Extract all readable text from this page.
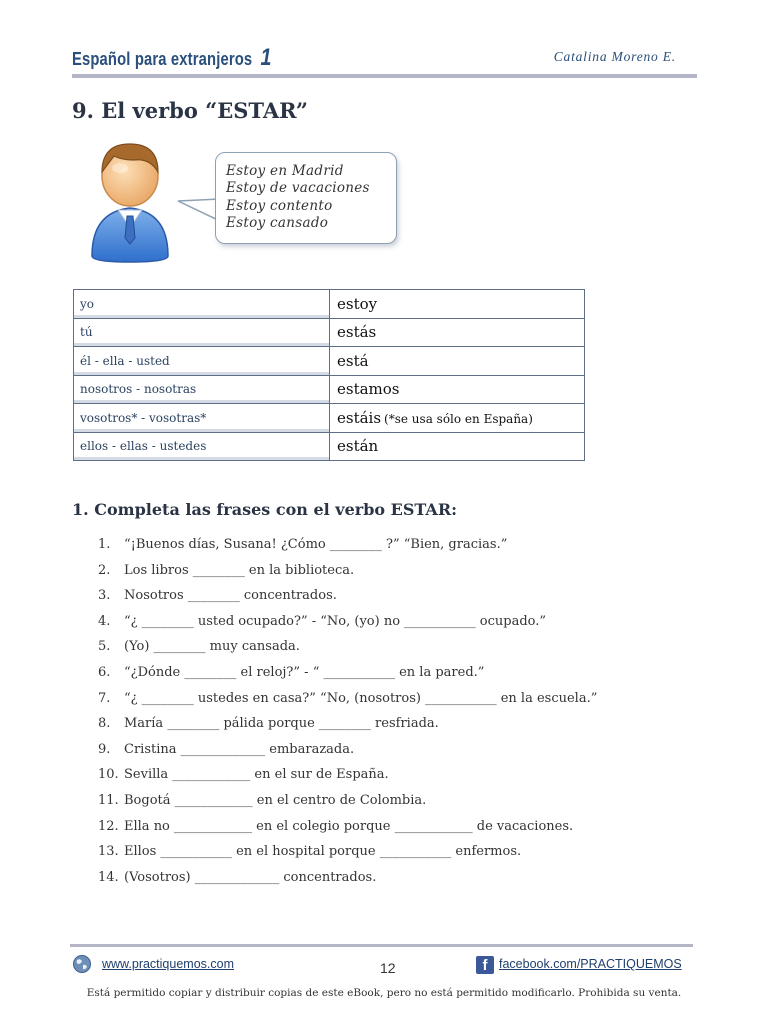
Español para extranjeros 1	Catalina Moreno E.
9. El verbo “ESTAR”
Estoy en Madrid
Estoy de vacaciones
Estoy contento
Estoy cansado
yo	estoy
tú	estás
él - ella - usted	está
nosotros - nosotras	estamos
vosotros* - vosotras*	estáis (*se usa sólo en España)
ellos - ellas - ustedes	están
1. Completa las frases con el verbo ESTAR:
1.	“¡Buenos días, Susana! ¿Cómo ________ ?” “Bien, gracias.”
2.	Los libros ________ en la biblioteca.
3.	Nosotros ________ concentrados.
4.	“¿ ________ usted ocupado?” - “No, (yo) no ___________ ocupado.”
5.	(Yo) ________ muy cansada.
6.	“¿Dónde ________ el reloj?” - “ ___________ en la pared.”
7.	“¿ ________ ustedes en casa?” “No, (nosotros) ___________ en la escuela.”
8.	María ________ pálida porque ________ resfriada.
9.	Cristina _____________ embarazada.
10. Sevilla ____________ en el sur de España.
11. Bogotá ____________ en el centro de Colombia.
12. Ella no ____________ en el colegio porque ____________ de vacaciones.
13. Ellos ___________ en el hospital porque ___________ enfermos.
14. (Vosotros) _____________ concentrados.
www.practiquemos.com	12	f facebook.com/PRACTIQUEMOS
Está permitido copiar y distribuir copias de este eBook, pero no está permitido modificarlo. Prohibida su venta.
